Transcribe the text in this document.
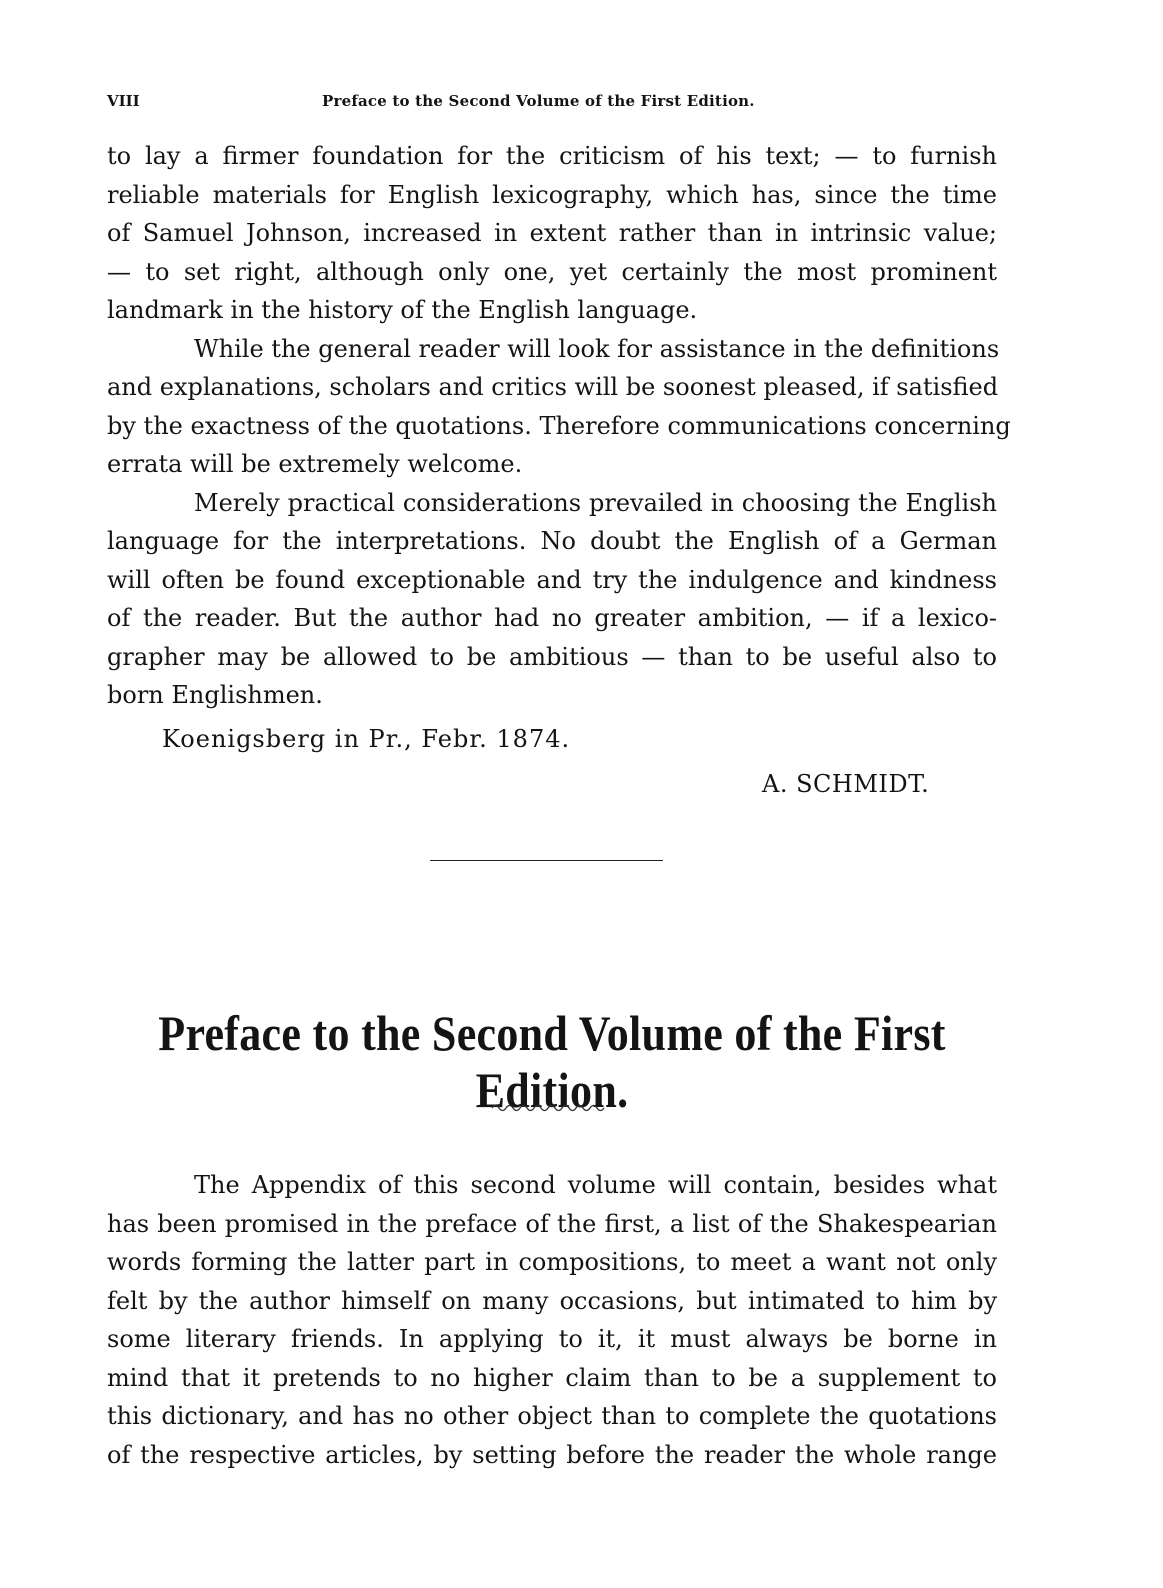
VIII	Preface to the Second Volume of the First Edition.
to lay a firmer foundation for the criticism of his text; — to furnish
reliable materials for English lexicography, which has, since the time
of Samuel Johnson, increased in extent rather than in intrinsic value;
— to set right, although only one, yet certainly the most prominent
landmark in the history of the English language.
While the general reader will look for assistance in the definitions
and explanations, scholars and critics will be soonest pleased, if satisfied
by the exactness of the quotations. Therefore communications concerning
errata will be extremely welcome.
Merely practical considerations prevailed in choosing the English
language for the interpretations. No doubt the English of a German
will often be found exceptionable and try the indulgence and kindness
of the reader. But the author had no greater ambition, — if a lexico-
grapher may be allowed to be ambitious — than to be useful also to
born Englishmen.
Koenigsberg in Pr., Febr. 1874.
A. SCHMIDT.
Preface to the Second Volume of the First Edition.
The Appendix of this second volume will contain, besides what
has been promised in the preface of the first, a list of the Shakespearian
words forming the latter part in compositions, to meet a want not only
felt by the author himself on many occasions, but intimated to him by
some literary friends. In applying to it, it must always be borne in
mind that it pretends to no higher claim than to be a supplement to
this dictionary, and has no other object than to complete the quotations
of the respective articles, by setting before the reader the whole range
